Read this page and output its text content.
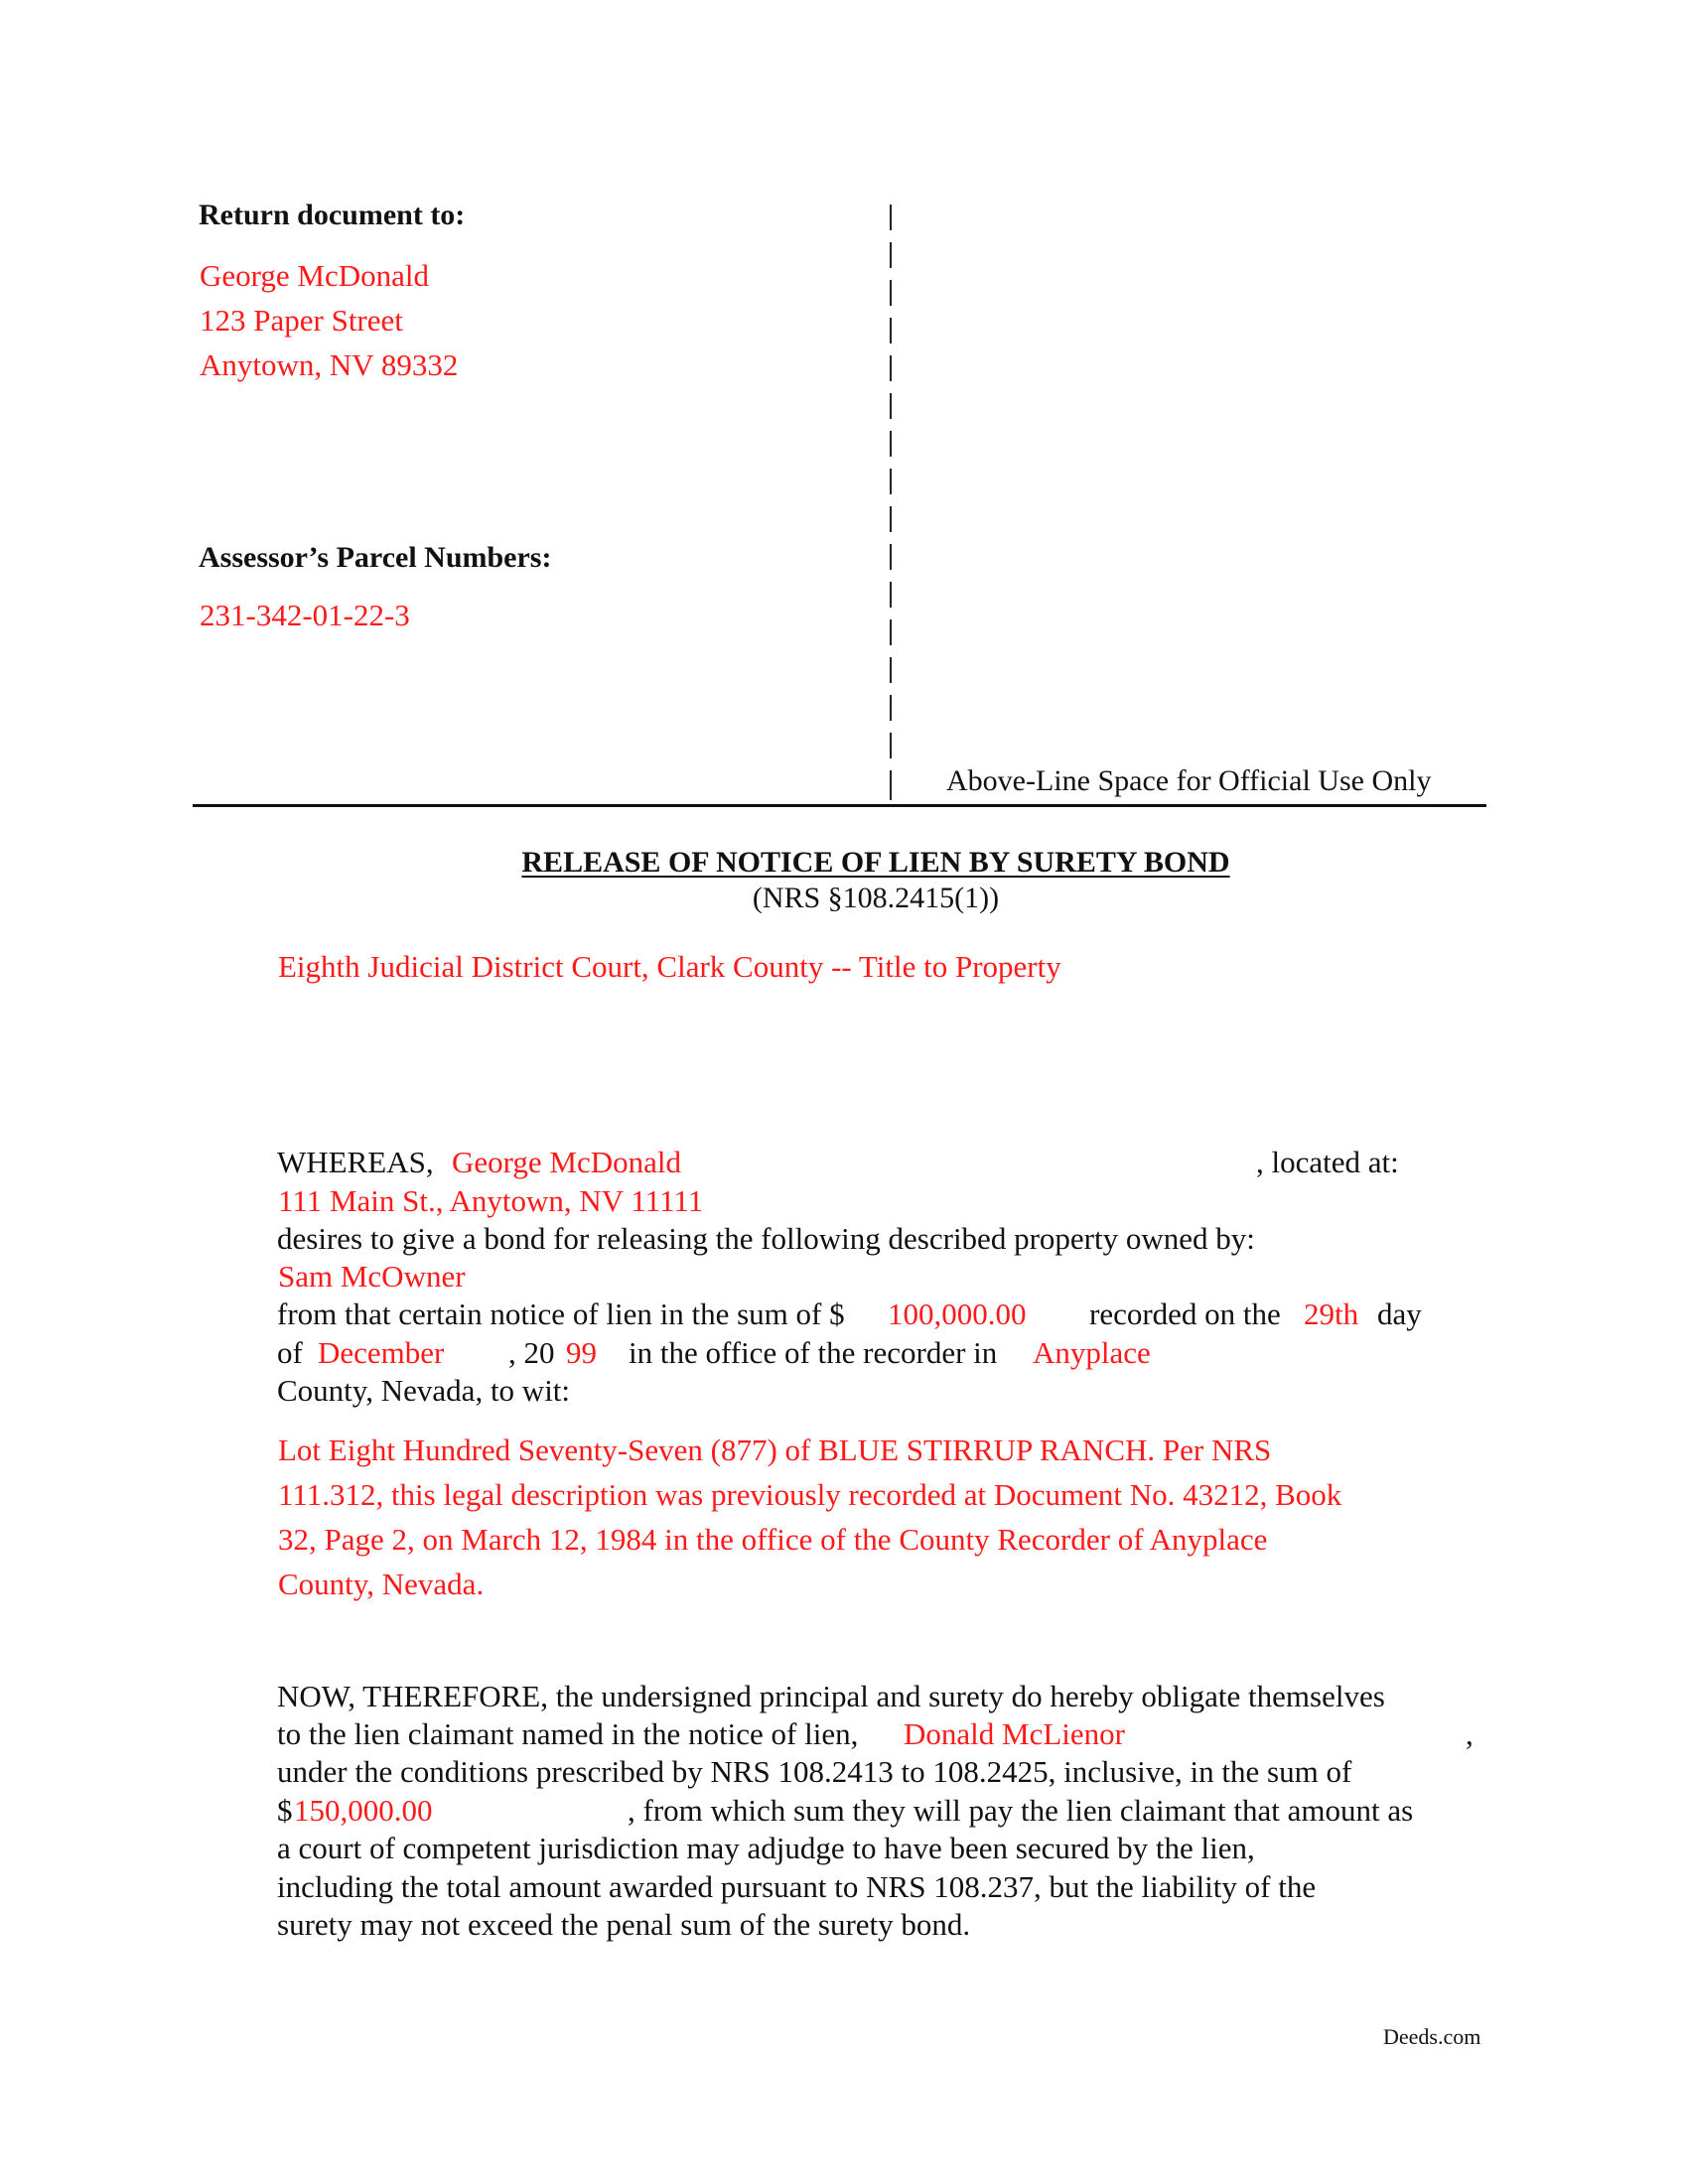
Return document to:
George McDonald
123 Paper Street
Anytown, NV 89332
Assessor’s Parcel Numbers:
231-342-01-22-3
Above-Line Space for Official Use Only
RELEASE OF NOTICE OF LIEN BY SURETY BOND
(NRS §108.2415(1))
Eighth Judicial District Court, Clark County -- Title to Property
WHEREAS, George McDonald	, located at:
111 Main St., Anytown, NV 11111
desires to give a bond for releasing the following described property owned by:
Sam McOwner
from that certain notice of lien in the sum of $ 100,000.00 recorded on the 29th day
of December , 20 99 in the office of the recorder in Anyplace
County, Nevada, to wit:
Lot Eight Hundred Seventy-Seven (877) of BLUE STIRRUP RANCH. Per NRS
111.312, this legal description was previously recorded at Document No. 43212, Book
32, Page 2, on March 12, 1984 in the office of the County Recorder of Anyplace
County, Nevada.
NOW, THEREFORE, the undersigned principal and surety do hereby obligate themselves
to the lien claimant named in the notice of lien, Donald McLienor	,
under the conditions prescribed by NRS 108.2413 to 108.2425, inclusive, in the sum of
$ 150,000.00	, from which sum they will pay the lien claimant that amount as
a court of competent jurisdiction may adjudge to have been secured by the lien,
including the total amount awarded pursuant to NRS 108.237, but the liability of the
surety may not exceed the penal sum of the surety bond.
Deeds.com
